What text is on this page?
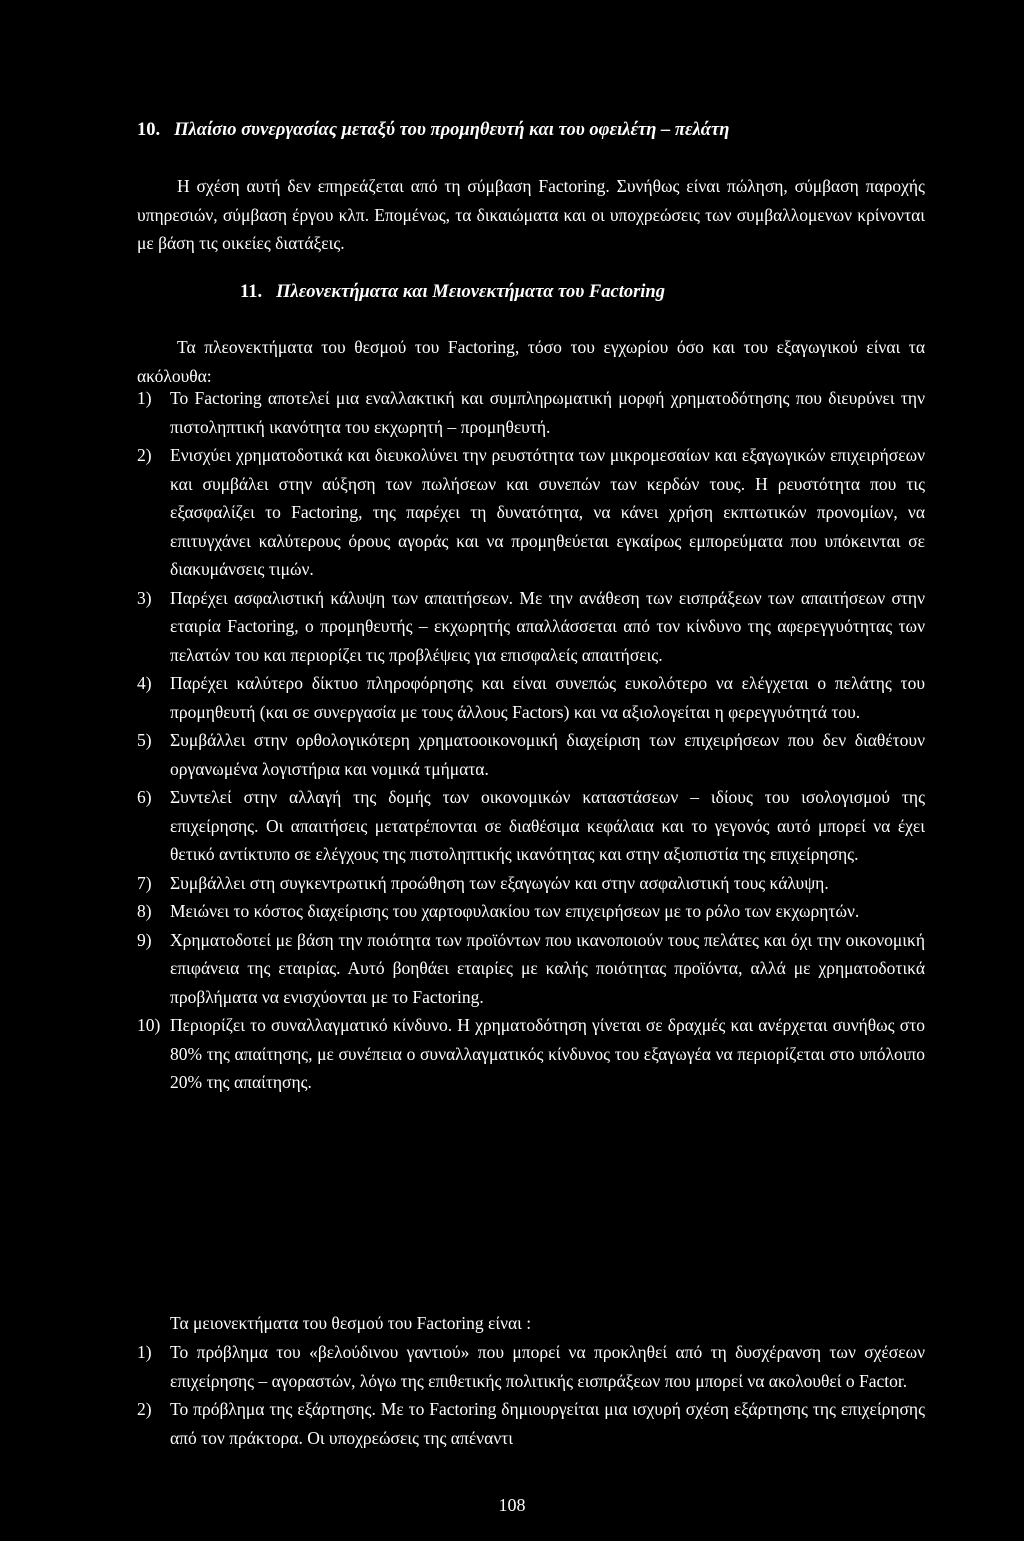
10. Πλαίσιο συνεργασίας μεταξύ του προμηθευτή και του οφειλέτη – πελάτη

Η σχέση αυτή δεν επηρεάζεται από τη σύμβαση Factoring. Συνήθως είναι πώληση, σύμβαση παροχής υπηρεσιών, σύμβαση έργου κλπ. Επομένως, τα δικαιώματα και οι υποχρεώσεις των συμβαλλομενων κρίνονται με βάση τις οικείες διατάξεις.

11. Πλεονεκτήματα και Μειονεκτήματα του Factoring

Τα πλεονεκτήματα του θεσμού του Factoring, τόσο του εγχωρίου όσο και του εξαγωγικού είναι τα ακόλουθα:

1) Το Factoring αποτελεί μια εναλλακτική και συμπληρωματική μορφή χρηματοδότησης που διευρύνει την πιστοληπτική ικανότητα του εκχωρητή – προμηθευτή.
2) Ενισχύει χρηματοδοτικά και διευκολύνει την ρευστότητα των μικρομεσαίων και εξαγωγικών επιχειρήσεων και συμβάλει στην αύξηση των πωλήσεων και συνεπών των κερδών τους. Η ρευστότητα που τις εξασφαλίζει το Factoring, της παρέχει τη δυνατότητα, να κάνει χρήση εκπτωτικών προνομίων, να επιτυγχάνει καλύτερους όρους αγοράς και να προμηθεύεται εγκαίρως εμπορεύματα που υπόκεινται σε διακυμάνσεις τιμών.
3) Παρέχει ασφαλιστική κάλυψη των απαιτήσεων. Με την ανάθεση των εισπράξεων των απαιτήσεων στην εταιρία Factoring, ο προμηθευτής – εκχωρητής απαλλάσσεται από τον κίνδυνο της αφερεγγυότητας των πελατών του και περιορίζει τις προβλέψεις για επισφαλείς απαιτήσεις.
4) Παρέχει καλύτερο δίκτυο πληροφόρησης και είναι συνεπώς ευκολότερο να ελέγχεται ο πελάτης του προμηθευτή (και σε συνεργασία με τους άλλους Factors) και να αξιολογείται η φερεγγυότητά του.
5) Συμβάλλει στην ορθολογικότερη χρηματοοικονομική διαχείριση των επιχειρήσεων που δεν διαθέτουν οργανωμένα λογιστήρια και νομικά τμήματα.
6) Συντελεί στην αλλαγή της δομής των οικονομικών καταστάσεων – ιδίους του ισολογισμού της επιχείρησης. Οι απαιτήσεις μετατρέπονται σε διαθέσιμα κεφάλαια και το γεγονός αυτό μπορεί να έχει θετικό αντίκτυπο σε ελέγχους της πιστοληπτικής ικανότητας και στην αξιοπιστία της επιχείρησης.
7) Συμβάλλει στη συγκεντρωτική προώθηση των εξαγωγών και στην ασφαλιστική τους κάλυψη.
8) Μειώνει το κόστος διαχείρισης του χαρτοφυλακίου των επιχειρήσεων με το ρόλο των εκχωρητών.
9) Χρηματοδοτεί με βάση την ποιότητα των προϊόντων που ικανοποιούν τους πελάτες και όχι την οικονομική επιφάνεια της εταιρίας. Αυτό βοηθάει εταιρίες με καλής ποιότητας προϊόντα, αλλά με χρηματοδοτικά προβλήματα να ενισχύονται με το Factoring.
10) Περιορίζει το συναλλαγματικό κίνδυνο. Η χρηματοδότηση γίνεται σε δραχμές και ανέρχεται συνήθως στο 80% της απαίτησης, με συνέπεια ο συναλλαγματικός κίνδυνος του εξαγωγέα να περιορίζεται στο υπόλοιπο 20% της απαίτησης.

Τα μειονεκτήματα του θεσμού του Factoring είναι :

1) Το πρόβλημα του «βελούδινου γαντιού» που μπορεί να προκληθεί από τη δυσχέρανση των σχέσεων επιχείρησης – αγοραστών, λόγω της επιθετικής πολιτικής εισπράξεων που μπορεί να ακολουθεί ο Factor.
2) Το πρόβλημα της εξάρτησης. Με το Factoring δημιουργείται μια ισχυρή σχέση εξάρτησης της επιχείρησης από τον πράκτορα. Οι υποχρεώσεις της απέναντι
108
